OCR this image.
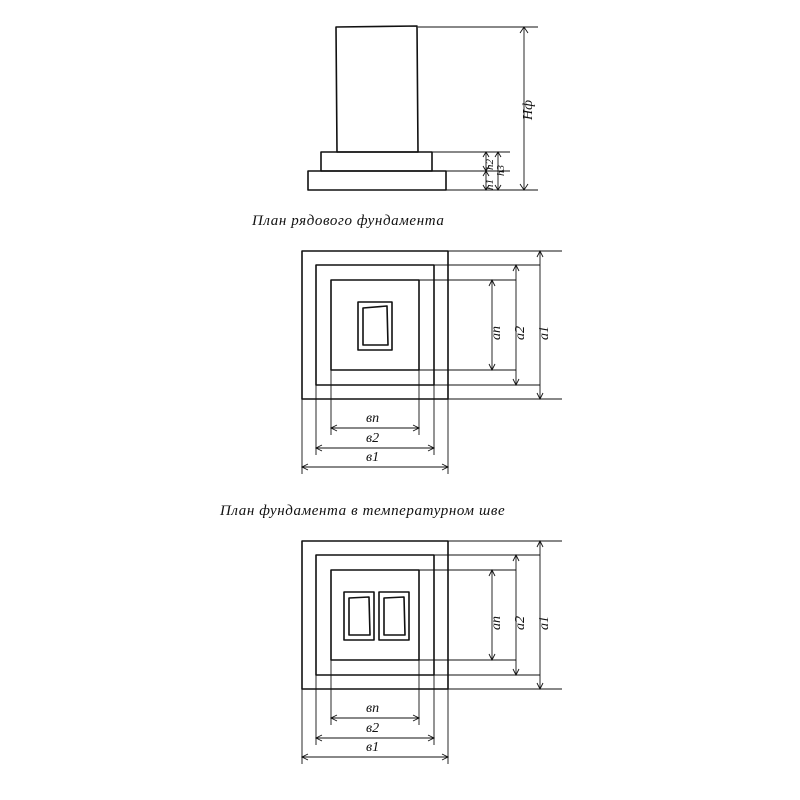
План рядового фундамента
План фундамента в температурном шве
Нф
h3
h2
h1
ап а2 а1
вп
в2
в1
ап а2 а1
вп
в2
в1
